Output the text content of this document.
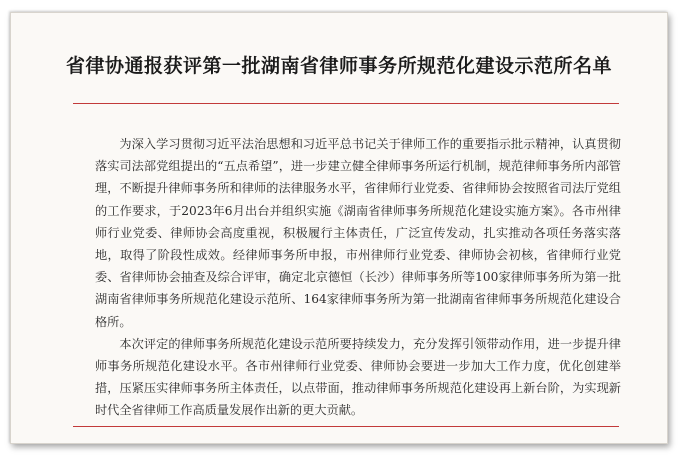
省律协通报获评第一批湖南省律师事务所规范化建设示范所名单

为深入学习贯彻习近平法治思想和习近平总书记关于律师工作的重要指示批示精神，认真贯彻落实司法部党组提出的“五点希望”，进一步建立健全律师事务所运行机制，规范律师事务所内部管理，不断提升律师事务所和律师的法律服务水平，省律师行业党委、省律师协会按照省司法厅党组的工作要求，于2023年6月出台并组织实施《湖南省律师事务所规范化建设实施方案》。各市州律师行业党委、律师协会高度重视，积极履行主体责任，广泛宣传发动，扎实推动各项任务落实落地，取得了阶段性成效。经律师事务所申报，市州律师行业党委、律师协会初核，省律师行业党委、省律师协会抽查及综合评审，确定北京德恒（长沙）律师事务所等100家律师事务所为第一批湖南省律师事务所规范化建设示范所、164家律师事务所为第一批湖南省律师事务所规范化建设合格所。

本次评定的律师事务所规范化建设示范所要持续发力，充分发挥引领带动作用，进一步提升律师事务所规范化建设水平。各市州律师行业党委、律师协会要进一步加大工作力度，优化创建举措，压紧压实律师事务所主体责任，以点带面，推动律师事务所规范化建设再上新台阶，为实现新时代全省律师工作高质量发展作出新的更大贡献。
